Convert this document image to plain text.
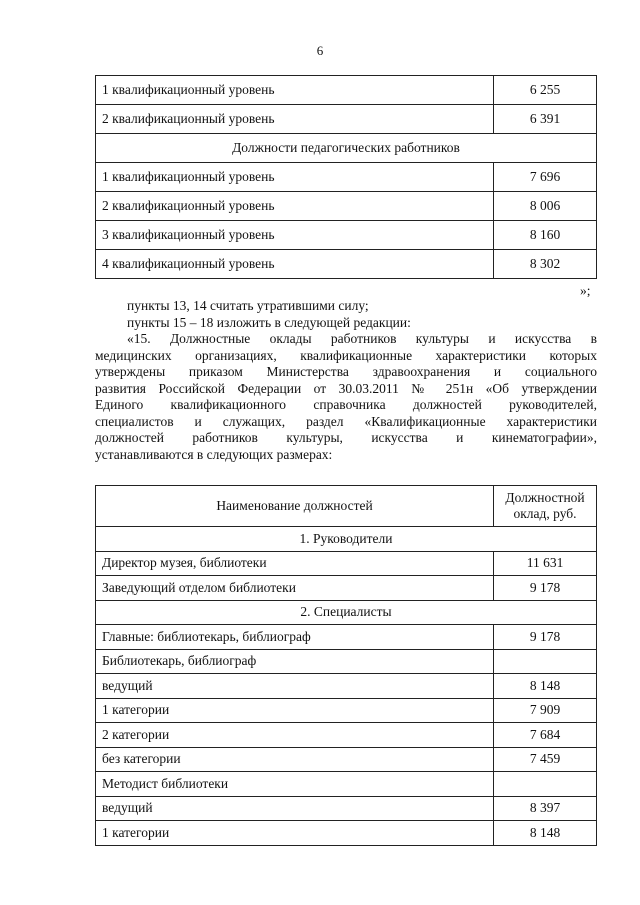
6
1 квалификационный уровень	6 255
2 квалификационный уровень	6 391
Должности педагогических работников	
1 квалификационный уровень	7 696
2 квалификационный уровень	8 006
3 квалификационный уровень	8 160
4 квалификационный уровень	8 302
»;
пункты 13, 14 считать утратившими силу;
пункты 15 – 18 изложить в следующей редакции:
«15. Должностные оклады работников культуры и искусства в
медицинских организациях, квалификационные характеристики которых
утверждены приказом Министерства здравоохранения и социального
развития Российской Федерации от 30.03.2011 № 251н «Об утверждении
Единого квалификационного справочника должностей руководителей,
специалистов и служащих, раздел «Квалификационные характеристики
должностей работников культуры, искусства и кинематографии»,
устанавливаются в следующих размерах:
Наименование должностей	Должностной
оклад, руб.

1. Руководители	
Директор музея, библиотеки	11 631
Заведующий отделом библиотеки	9 178
2. Специалисты	
Главные: библиотекарь, библиограф	9 178
Библиотекарь, библиограф	
ведущий	8 148
1 категории	7 909
2 категории	7 684
без категории	7 459
Методист библиотеки	
ведущий	8 397
1 категории	8 148
